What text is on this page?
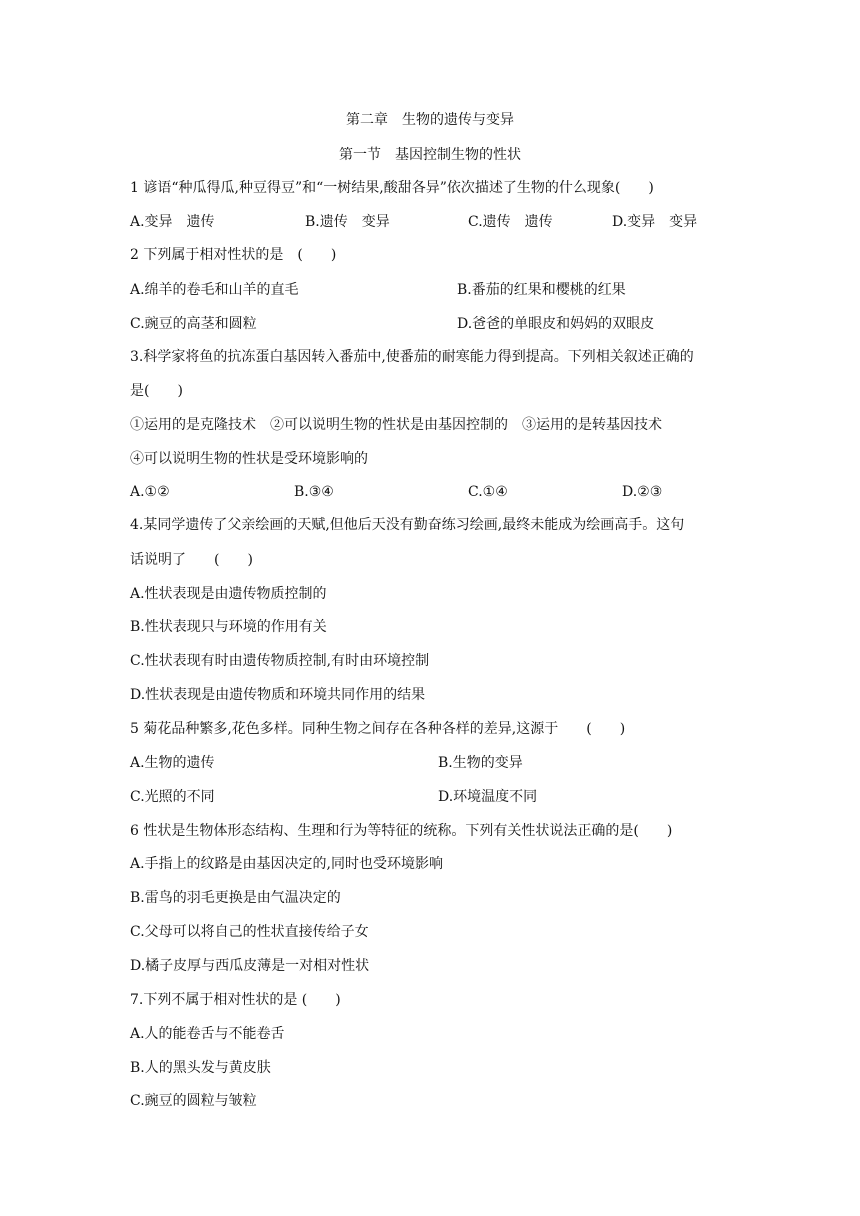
第二章　生物的遗传与变异
第一节　基因控制生物的性状
1 谚语“种瓜得瓜,种豆得豆”和“一树结果,酸甜各异”依次描述了生物的什么现象(　　)
A.变异　遗传	B.遗传　变异	C.遗传　遗传	D.变异　变异
2 下列属于相对性状的是　(　　)
A.绵羊的卷毛和山羊的直毛	B.番茄的红果和樱桃的红果
C.豌豆的高茎和圆粒	D.爸爸的单眼皮和妈妈的双眼皮
3.科学家将鱼的抗冻蛋白基因转入番茄中,使番茄的耐寒能力得到提高。下列相关叙述正确的
是(　　)
①运用的是克隆技术　②可以说明生物的性状是由基因控制的　③运用的是转基因技术
④可以说明生物的性状是受环境影响的
A.①②	B.③④	C.①④	D.②③
4.某同学遗传了父亲绘画的天赋,但他后天没有勤奋练习绘画,最终未能成为绘画高手。这句
话说明了　　(　　)
A.性状表现是由遗传物质控制的
B.性状表现只与环境的作用有关
C.性状表现有时由遗传物质控制,有时由环境控制
D.性状表现是由遗传物质和环境共同作用的结果
5 菊花品种繁多,花色多样。同种生物之间存在各种各样的差异,这源于　　(　　)
A.生物的遗传	B.生物的变异
C.光照的不同	D.环境温度不同
6 性状是生物体形态结构、生理和行为等特征的统称。下列有关性状说法正确的是(　　)
A.手指上的纹路是由基因决定的,同时也受环境影响
B.雷鸟的羽毛更换是由气温决定的
C.父母可以将自己的性状直接传给子女
D.橘子皮厚与西瓜皮薄是一对相对性状
7.下列不属于相对性状的是 (　　)
A.人的能卷舌与不能卷舌
B.人的黑头发与黄皮肤
C.豌豆的圆粒与皱粒
